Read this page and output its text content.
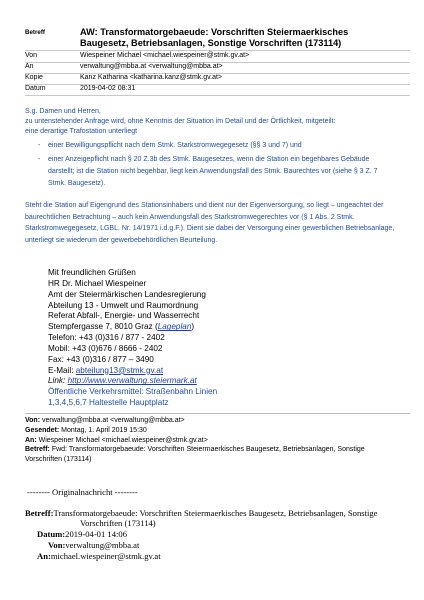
Betreff	AW: Transformatorgebaeude: Vorschriften Steiermaerkisches
Baugesetz, Betriebsanlagen, Sonstige Vorschriften (173114)
Von	Wiespeiner Michael <michael.wiespeiner@stmk.gv.at>
An	verwaltung@mbba.at <verwaltung@mbba.at>
Kopie	Kanz Katharina <katharina.kanz@stmk.gv.at>
Datum	2019-04-02 08:31
S.g. Damen und Herren,
zu untenstehender Anfrage wird, ohne Kenntnis der Situation im Detail und der Örtlichkeit, mitgeteilt:
eine derartige Trafostation unterliegt
- einer Bewilligungspflicht nach dem Stmk. Starkstromwegegesetz (§§ 3 und 7) und
- einer Anzeigepflicht nach § 20 Z.3b des Stmk. Baugesetzes, wenn die Station ein begehbares Gebäude
darstellt; ist die Station nicht begehbar, liegt kein Anwendungsfall des Stmk. Baurechtes vor (siehe § 3 Z. 7
Stmk. Baugesetz).
Steht die Station auf Eigengrund des Stationsinhabers und dient nur der Eigenversorgung, so liegt – ungeachtet der
baurechtlichen Betrachtung – auch kein Anwendungsfall des Starkstromwegerechtes vor (§ 1 Abs. 2 Stmk.
Starkstromwegegesetz, LGBL. Nr. 14/1971 i.d.g.F.). Dient sie dabei der Versorgung einer gewerblichen Betriebsanlage,
unterliegt sie wiederum der gewerbebehördlichen Beurteilung.
Mit freundlichen Grüßen
HR Dr. Michael Wiespeiner
Amt der Steiermärkischen Landesregierung
Abteilung 13 - Umwelt und Raumordnung
Referat Abfall-, Energie- und Wasserrecht
Stempfergasse 7, 8010 Graz (Lageplan)
Telefon: +43 (0)316 / 877 - 2402
Mobil: +43 (0)676 / 8666 - 2402
Fax: +43 (0)316 / 877 – 3490
E-Mail: abteilung13@stmk.gv.at
Link: http://www.verwaltung.steiermark.at
Öffentliche Verkehrsmittel: Straßenbahn Linien
1,3,4,5,6,7 Haltestelle Hauptplatz
Von: verwaltung@mbba.at <verwaltung@mbba.at>
Gesendet: Montag, 1. April 2019 15:30
An: Wiespeiner Michael <michael.wiespeiner@stmk.gv.at>
Betreff: Fwd: Transformatorgebaeude: Vorschriften Steiermaerkisches Baugesetz, Betriebsanlagen, Sonstige
Vorschriften (173114)
-------- Originalnachricht --------
Betreff:Transformatorgebaeude: Vorschriften Steiermaerkisches Baugesetz, Betriebsanlagen, Sonstige
Vorschriften (173114)
Datum:2019-04-01 14:06
Von:verwaltung@mbba.at
An:michael.wiespeiner@stmk.gv.at
